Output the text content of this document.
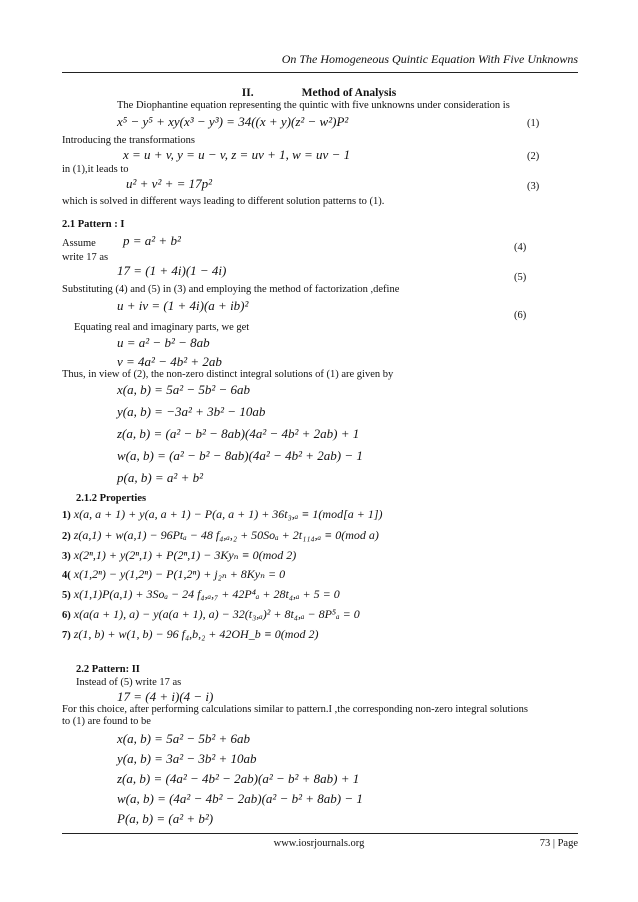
On The Homogeneous Quintic Equation With Five Unknowns
II.	Method of Analysis
The Diophantine equation representing the quintic with five unknowns under consideration is
x⁵ − y⁵ + xy(x³ − y³) = 34((x + y)(z² − w²)P²	(1)
Introducing the transformations
x = u + v, y = u − v, z = uv + 1, w = uv − 1	(2)
in (1),it leads to
u² + v² + = 17p²	(3)
which is solved in different ways leading to different solution patterns to (1).
2.1 Pattern : I
Assume p = a² + b²	(4)
write 17 as
17 = (1 + 4i)(1 − 4i)	(5)
Substituting (4) and (5) in (3) and employing the method of factorization ,define
u + iv = (1 + 4i)(a + ib)²
(6)
Equating real and imaginary parts, we get
u = a² − b² − 8ab
v = 4a² − 4b² + 2ab
Thus, in view of (2), the non-zero distinct integral solutions of (1) are given by
x(a, b) = 5a² − 5b² − 6ab
y(a, b) = −3a² + 3b² − 10ab
z(a, b) = (a² − b² − 8ab)(4a² − 4b² + 2ab) + 1
w(a, b) = (a² − b² − 8ab)(4a² − 4b² + 2ab) − 1
p(a, b) = a² + b²
2.1.2 Properties
1) x(a, a + 1) + y(a, a + 1) − P(a, a + 1) + 36t₃,ₐ ≡ 1(mod[a + 1])
2) z(a,1) + w(a,1) − 96Ptₐ − 48 f₄,ₐ,₂ + 50Soₐ + 2t₁₁₄,ₐ ≡ 0(mod a)
3) x(2ⁿ,1) + y(2ⁿ,1) + P(2ⁿ,1) − 3Kyₙ ≡ 0(mod 2)
4( x(1,2ⁿ) − y(1,2ⁿ) − P(1,2ⁿ) + j₂ₙ + 8Kyₙ = 0
5) x(1,1)P(a,1) + 3Soₐ − 24 f₄,ₐ,₇ + 42P⁴ₐ + 28t₄,ₐ + 5 = 0
6) x(a(a + 1), a) − y(a(a + 1), a) − 32(t₃,ₐ)² + 8t₄,ₐ − 8P⁵ₐ = 0
7) z(1, b) + w(1, b) − 96 f₄,b,₂ + 42OH_b ≡ 0(mod 2)
2.2 Pattern: II
Instead of (5) write 17 as
17 = (4 + i)(4 − i)
For this choice, after performing calculations similar to pattern.I ,the corresponding non-zero integral solutions
to (1) are found to be
x(a, b) = 5a² − 5b² + 6ab
y(a, b) = 3a² − 3b² + 10ab
z(a, b) = (4a² − 4b² − 2ab)(a² − b² + 8ab) + 1
w(a, b) = (4a² − 4b² − 2ab)(a² − b² + 8ab) − 1
P(a, b) = (a² + b²)
www.iosrjournals.org	73 | Page
